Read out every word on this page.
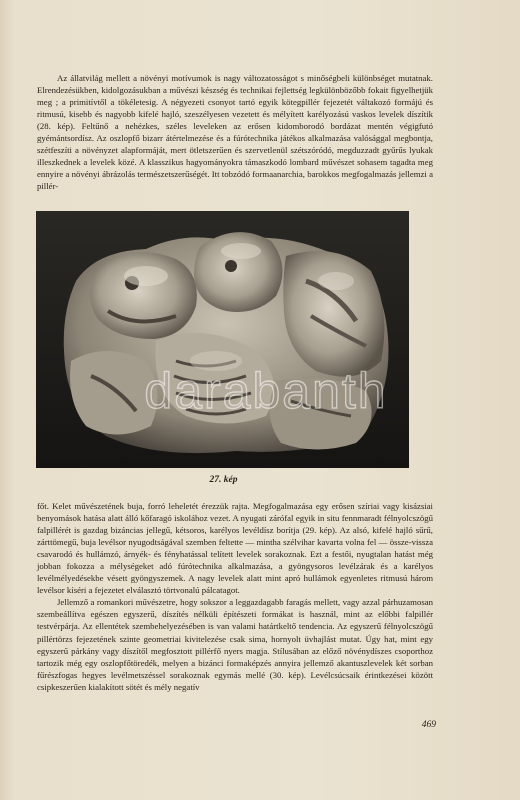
Az állatvilág mellett a növényi motívumok is nagy változatosságot s minőségbeli különbséget mutatnak. Elrendezésükben, kidolgozásukban a művészi készség és technikai fejlettség legkülönbözőbb fokait figyelhetjük meg ; a primitívtől a tökéletesig. A négyezeti csonyot tartó egyik kötegpillér fejezetét váltakozó formájú és ritmusú, kisebb és nagyobb kifelé hajló, szeszélyesen vezetett és mélyített karélyozású vaskos levelek díszítik (28. kép). Feltűnő a nehézkes, széles leveleken az erősen kidomborodó bordázat mentén végigfutó gyémántsordísz. Az oszlopfő bizarr átértelmezése és a fúrótechnika játékos alkalmazása valósággal megbontja, szétfeszíti a növényzet alapformáját, mert ötletszerűen és szervetlenül szétszóródó, megduzzadt gyűrűs lyukak illeszkednek a levelek közé. A klasszikus hagyományokra támaszkodó lombard művészet sohasem tagadta meg ennyire a növényi ábrázolás természetszerűségét. Itt tobzódó formaanarchia, barokkos megfogalmazás jellemzi a pillér-

27. kép
darabanth

főt. Kelet művészetének buja, forró leheletét érezzük rajta. Megfogalmazása egy erősen szíriai vagy kisázsiai benyomások hatása alatt álló kőfaragó iskolához vezet. A nyugati zárófal egyik in situ fennmaradt félnyolcszögű falpillérét is gazdag bizáncias jellegű, kétsoros, karélyos levéldísz borítja (29. kép). Az alsó, kifelé hajló sűrű, zárttömegű, buja levélsor nyugodtságával szemben feltette — mintha szélvihar kavarta volna fel — össze-vissza csavarodó és hullámzó, árnyék- és fényhatással telített levelek sorakoznak. Ezt a festői, nyugtalan hatást még jobban fokozza a mélységeket adó fúrótechnika alkalmazása, a gyöngysoros levélzárak és a karélyos levélmélyedésekbe vésett gyöngyszemek. A nagy levelek alatt mint apró hullámok egyenletes ritmusú három levélsor kíséri a fejezetet elválasztó törtvonalú pálcatagot.

Jellemző a romankori művészetre, hogy sokszor a leggazdagabb faragás mellett, vagy azzal párhuzamosan szembeállítva egészen egyszerű, díszítés nélküli építészeti formákat is használ, mint az előbbi falpillér testvérpárja. Az ellentétek szembehelyezésében is van valami határtkeltő tendencia. Az egyszerű félnyolcszögű pillértörzs fejezetének szinte geometriai kivitelezése csak sima, hornyolt üvhajlást mutat. Úgy hat, mint egy egyszerű párkány vagy díszítől megfosztott pillérfő nyers magja. Stílusában az előző növénydíszes csoporthoz tartozik még egy oszlopfőtöredék, melyen a bizánci formaképzés annyira jellemző akantuszlevelek két sorban fűrészfogas hegyes levélmetszéssel sorakoznak egymás mellé (30. kép). Levélcsúcsaik érintkezései között csipkeszerűen kialakított sötét és mély negatív

469
